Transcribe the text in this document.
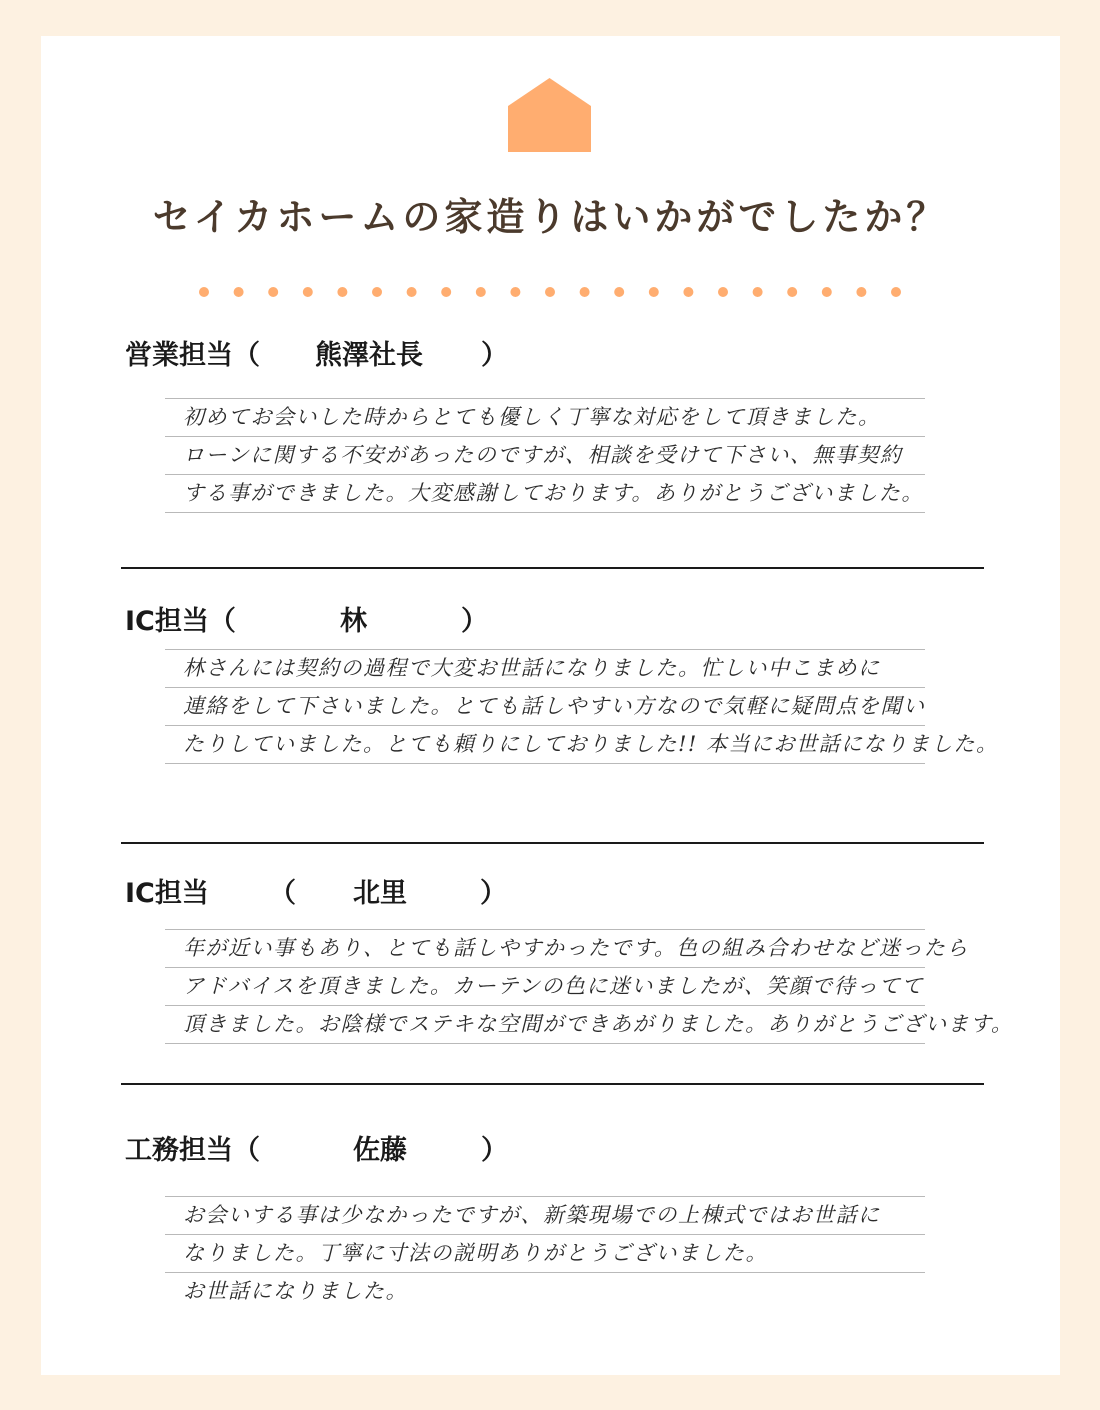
セイカホームの家造りはいかがでしたか？
営業担当（ 熊澤社長 ）
初めてお会いした時からとても優しく丁寧な対応をして頂きました。
ローンに関する不安があったのですが、相談を受けて下さい、無事契約
する事ができました。大変感謝しております。ありがとうございました。
IC担当（	林	）
林さんには契約の過程で大変お世話になりました。忙しい中こまめに
連絡をして下さいました。とても話しやすい方なので気軽に疑問点を聞い
たりしていました。とても頼りにしておりました!! 本当にお世話になりました。
IC担当 （ 北里	）
年が近い事もあり、とても話しやすかったです。色の組み合わせなど迷ったら
アドバイスを頂きました。カーテンの色に迷いましたが、笑顔で待ってて
頂きました。お陰様でステキな空間ができあがりました。ありがとうございます。
工務担当（	佐藤	）
お会いする事は少なかったですが、新築現場での上棟式ではお世話に
なりました。丁寧に寸法の説明ありがとうございました。
お世話になりました。
